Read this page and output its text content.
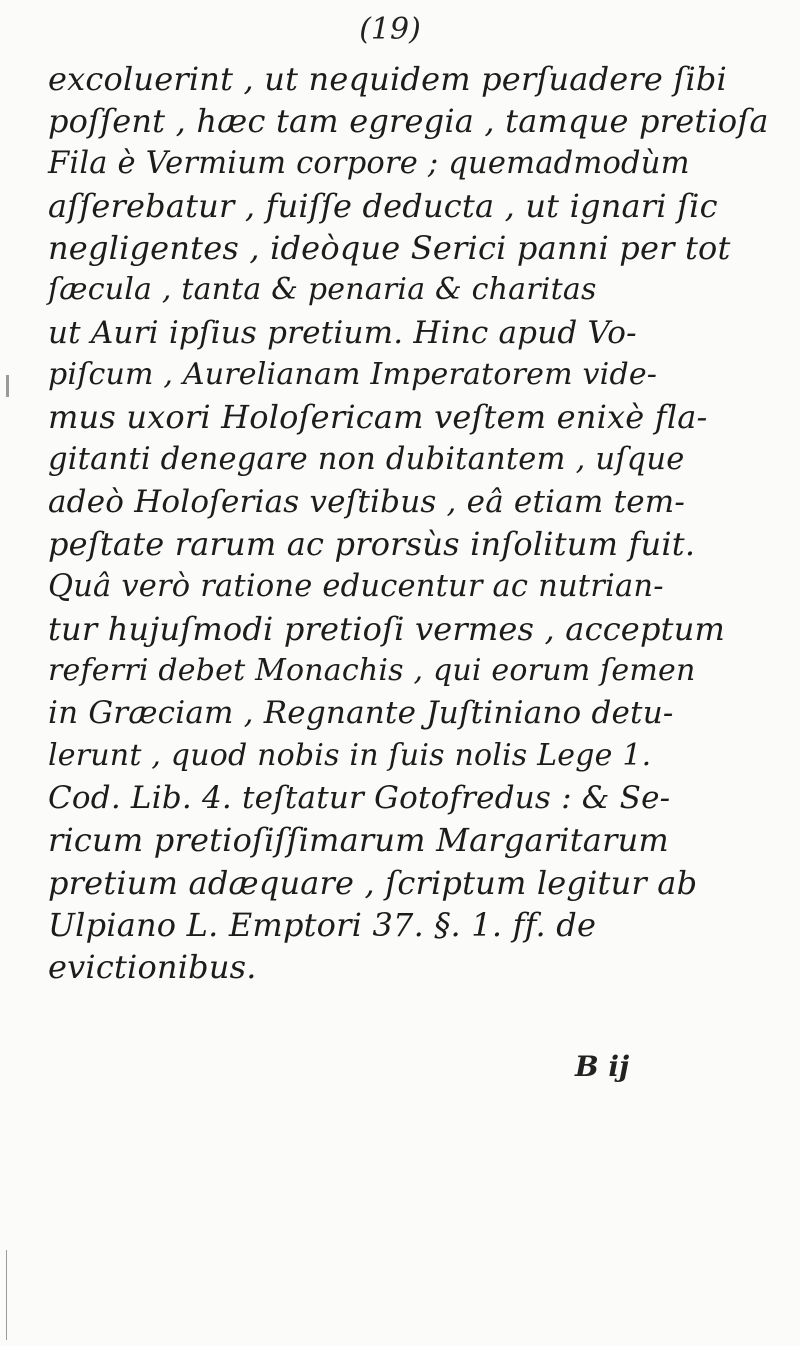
(19)
excoluerint , ut nequidem perſuadere ſibi
poſſent , hæc tam egregia , tamque pretioſa
Fila è Vermium corpore ; quemadmodùm
aſſerebatur , fuiſſe deducta , ut ignari ſic
negligentes , ideòque Serici panni per tot
ſæcula , tanta & penaria & charitas
ut Auri ipſius pretium. Hinc apud Vo-
piſcum , Aurelianam Imperatorem vide-
mus uxori Holoſericam veſtem enixè fla-
gitanti denegare non dubitantem , uſque
adeò Holoſerias veſtibus , eâ etiam tem-
peſtate rarum ac prorsùs inſolitum fuit.
Quâ verò ratione educentur ac nutrian-
tur hujuſmodi pretioſi vermes , acceptum
referri debet Monachis , qui eorum ſemen
in Græciam , Regnante Juſtiniano detu-
lerunt , quod nobis in ſuis nolis Lege 1.
Cod. Lib. 4. teſtatur Gotofredus : & Se-
ricum pretioſiſſimarum Margaritarum
pretium adæquare , ſcriptum legitur ab
Ulpiano L. Emptori 37. §. 1. ff. de
evictionibus.
B ij
